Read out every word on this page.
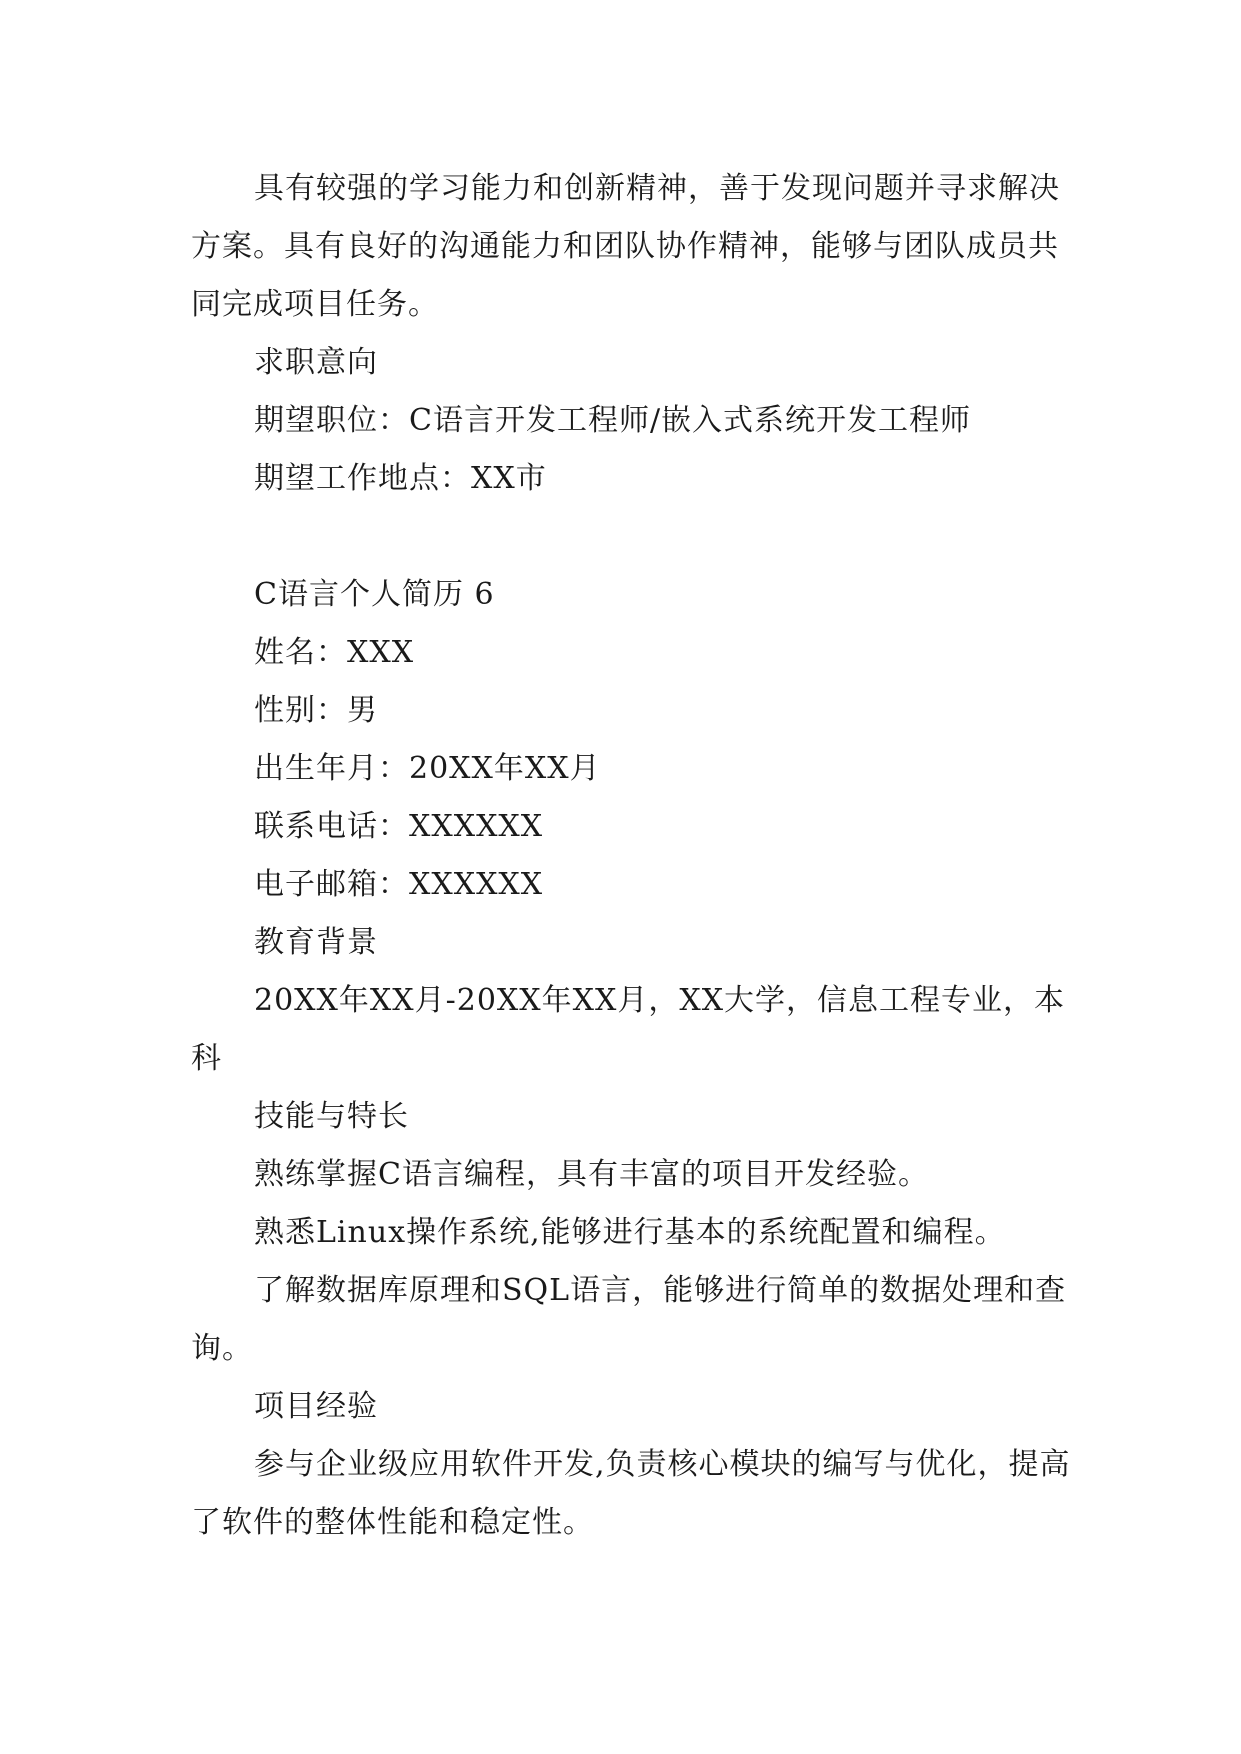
具有较强的学习能力和创新精神，善于发现问题并寻求解决方案。具有良好的沟通能力和团队协作精神，能够与团队成员共同完成项目任务。

求职意向

期望职位：C语言开发工程师/嵌入式系统开发工程师

期望工作地点：XX市

C语言个人简历 6

姓名：XXX

性别：男

出生年月：20XX年XX月

联系电话：XXXXXX

电子邮箱：XXXXXX

教育背景

20XX年XX月-20XX年XX月，XX大学，信息工程专业，本科

技能与特长

熟练掌握C语言编程，具有丰富的项目开发经验。

熟悉Linux操作系统,能够进行基本的系统配置和编程。

了解数据库原理和SQL语言，能够进行简单的数据处理和查询。

项目经验

参与企业级应用软件开发,负责核心模块的编写与优化，提高了软件的整体性能和稳定性。
